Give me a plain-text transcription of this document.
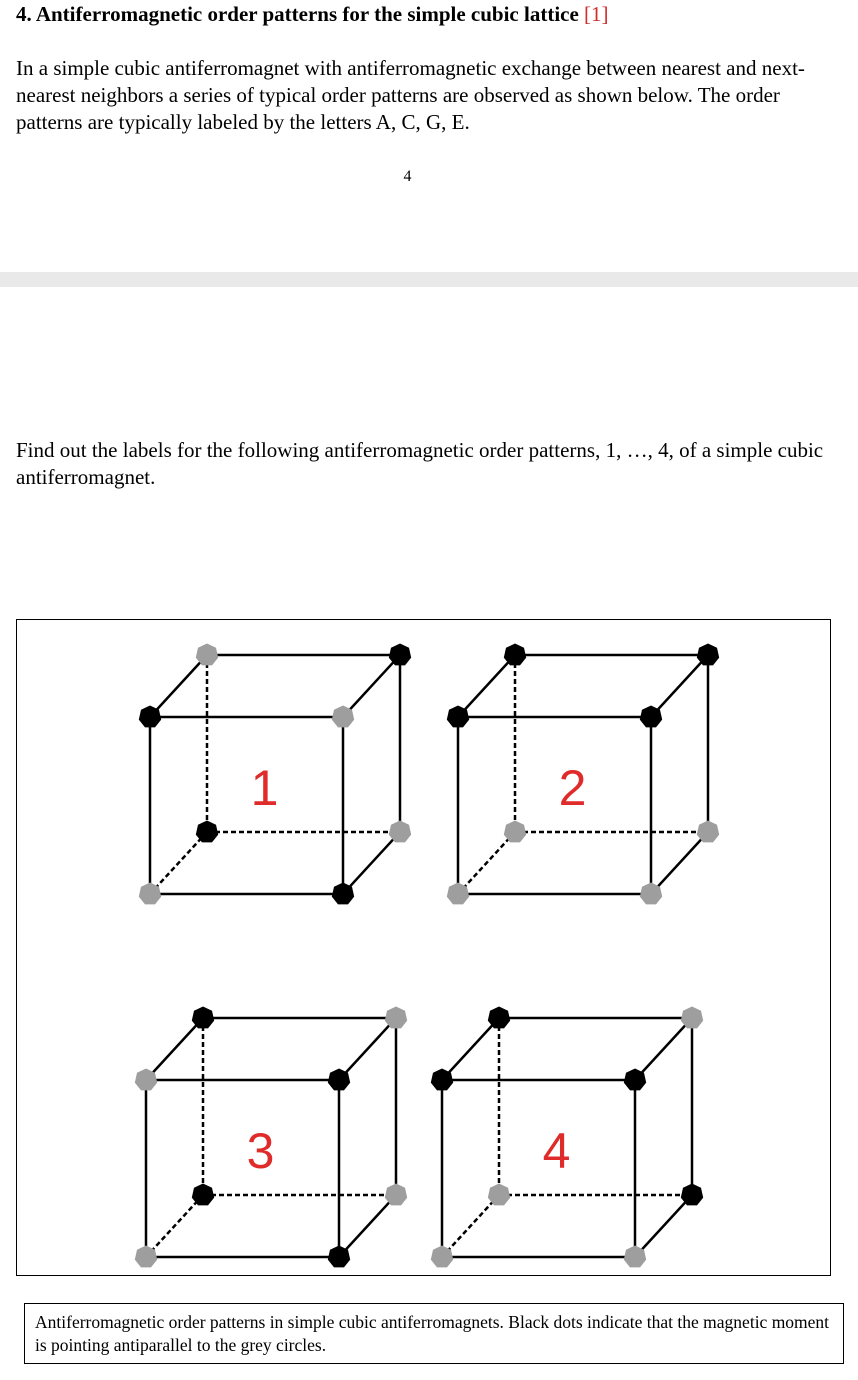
4. Antiferromagnetic order patterns for the simple cubic lattice [1]

In a simple cubic antiferromagnet with antiferromagnetic exchange between nearest and next-nearest neighbors a series of typical order patterns are observed as shown below. The order patterns are typically labeled by the letters A, C, G, E.

4

Find out the labels for the following antiferromagnetic order patterns, 1, …, 4, of a simple cubic antiferromagnet.

1	2
3	4
Antiferromagnetic order patterns in simple cubic antiferromagnets. Black dots indicate that the magnetic moment is pointing antiparallel to the grey circles.
